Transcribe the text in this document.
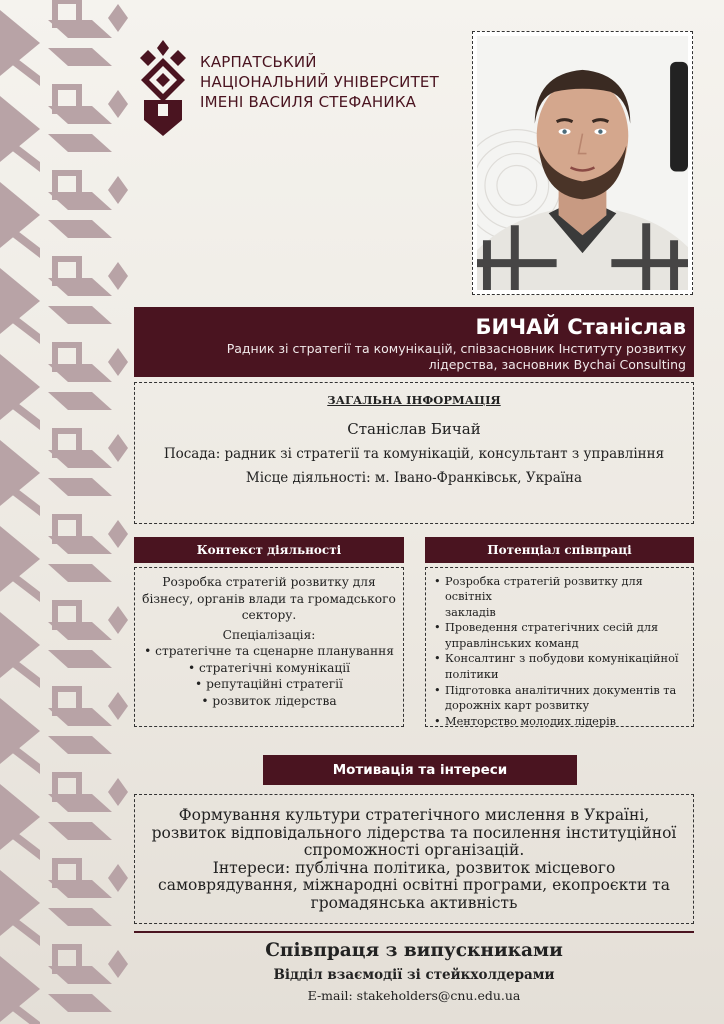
КАРПАТСЬКИЙ
НАЦІОНАЛЬНИЙ УНІВЕРСИТЕТ
ІМЕНІ ВАСИЛЯ СТЕФАНИКА
БИЧАЙ Станіслав
Радник зі стратегії та комунікацій, співзасновник Інституту розвитку
лідерства, засновник Bychai Consulting
ЗАГАЛЬНА ІНФОРМАЦІЯ
Станіслав Бичай
Посада: радник зі стратегії та комунікацій, консультант з управління
Місце діяльності: м. Івано-Франківськ, Україна
Контекст діяльності
Розробка стратегій розвитку для
бізнесу, органів влади та громадського
сектору.
Спеціалізація:
• стратегічне та сценарне планування
• стратегічні комунікації
• репутаційні стратегії
• розвиток лідерства
Потенціал співпраці
• Розробка стратегій розвитку для освітніх
закладів
• Проведення стратегічних сесій для
управлінських команд
• Консалтинг з побудови комунікаційної
політики
• Підготовка аналітичних документів та
дорожніх карт розвитку
• Менторство молодих лідерів
Мотивація та інтереси
Формування культури стратегічного мислення в Україні,
розвиток відповідального лідерства та посилення інституційної
спроможності організацій.
Інтереси: публічна політика, розвиток місцевого
самоврядування, міжнародні освітні програми, екопроєкти та
громадянська активність
Співпраця з випускниками
Відділ взаємодії зі стейкхолдерами
E-mail: stakeholders@cnu.edu.ua
